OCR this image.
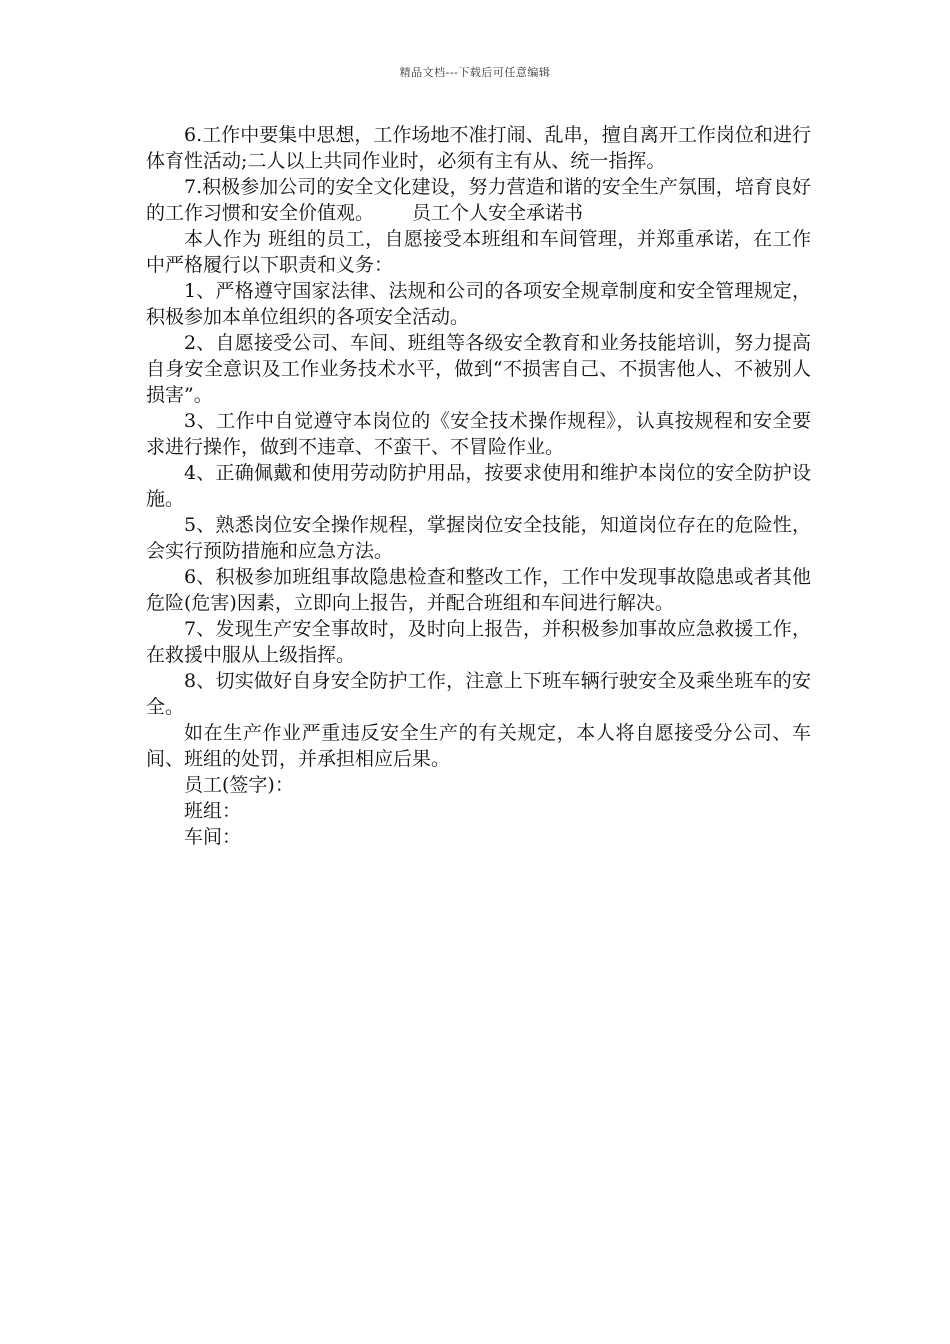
精品文档---下载后可任意编辑

6.工作中要集中思想，工作场地不准打闹、乱串，擅自离开工作岗位和进行体育性活动;二人以上共同作业时，必须有主有从、统一指挥。

7.积极参加公司的安全文化建设，努力营造和谐的安全生产氛围，培育良好的工作习惯和安全价值观。 员工个人安全承诺书

本人作为 班组的员工，自愿接受本班组和车间管理，并郑重承诺，在工作中严格履行以下职责和义务：

1、严格遵守国家法律、法规和公司的各项安全规章制度和安全管理规定，积极参加本单位组织的各项安全活动。

2、自愿接受公司、车间、班组等各级安全教育和业务技能培训，努力提高自身安全意识及工作业务技术水平，做到“不损害自己、不损害他人、不被别人损害”。

3、工作中自觉遵守本岗位的《安全技术操作规程》，认真按规程和安全要求进行操作，做到不违章、不蛮干、不冒险作业。

4、正确佩戴和使用劳动防护用品，按要求使用和维护本岗位的安全防护设施。

5、熟悉岗位安全操作规程，掌握岗位安全技能，知道岗位存在的危险性，会实行预防措施和应急方法。

6、积极参加班组事故隐患检查和整改工作，工作中发现事故隐患或者其他危险(危害)因素，立即向上报告，并配合班组和车间进行解决。

7、发现生产安全事故时，及时向上报告，并积极参加事故应急救援工作，在救援中服从上级指挥。

8、切实做好自身安全防护工作，注意上下班车辆行驶安全及乘坐班车的安全。

如在生产作业严重违反安全生产的有关规定，本人将自愿接受分公司、车间、班组的处罚，并承担相应后果。

员工(签字)：

班组：

车间：
